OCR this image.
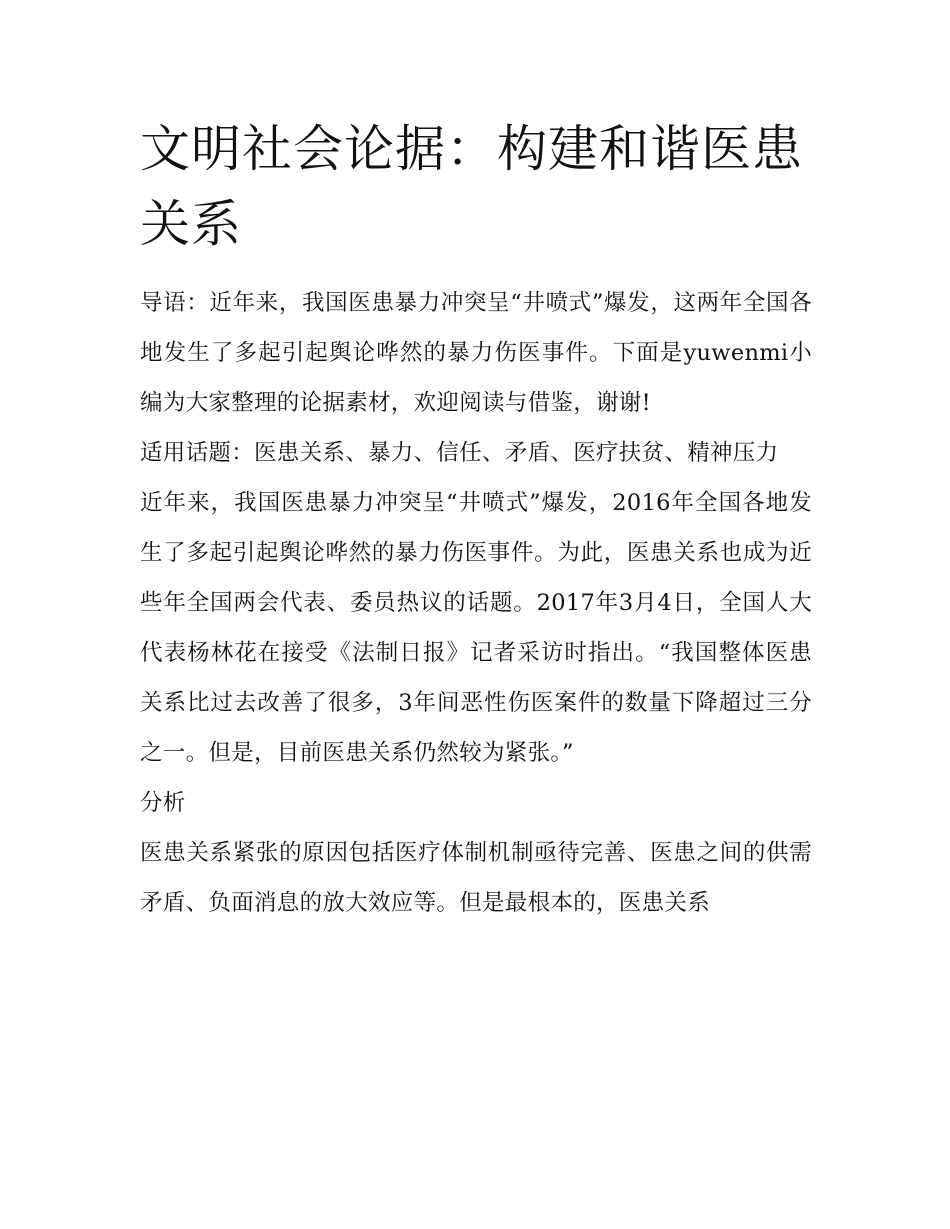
文明社会论据：构建和谐医患
关系

导语：近年来，我国医患暴力冲突呈“井喷式”爆发，这两年全国各地发生了多起引起舆论哗然的暴力伤医事件。下面是yuwenmi小编为大家整理的论据素材，欢迎阅读与借鉴，谢谢!

适用话题：医患关系、暴力、信任、矛盾、医疗扶贫、精神压力

近年来，我国医患暴力冲突呈“井喷式”爆发，2016年全国各地发生了多起引起舆论哗然的暴力伤医事件。为此，医患关系也成为近些年全国两会代表、委员热议的话题。2017年3月4日，全国人大代表杨林花在接受《法制日报》记者采访时指出。“我国整体医患关系比过去改善了很多，3年间恶性伤医案件的数量下降超过三分之一。但是，目前医患关系仍然较为紧张。”

分析

医患关系紧张的原因包括医疗体制机制亟待完善、医患之间的供需矛盾、负面消息的放大效应等。但是最根本的，医患关系
